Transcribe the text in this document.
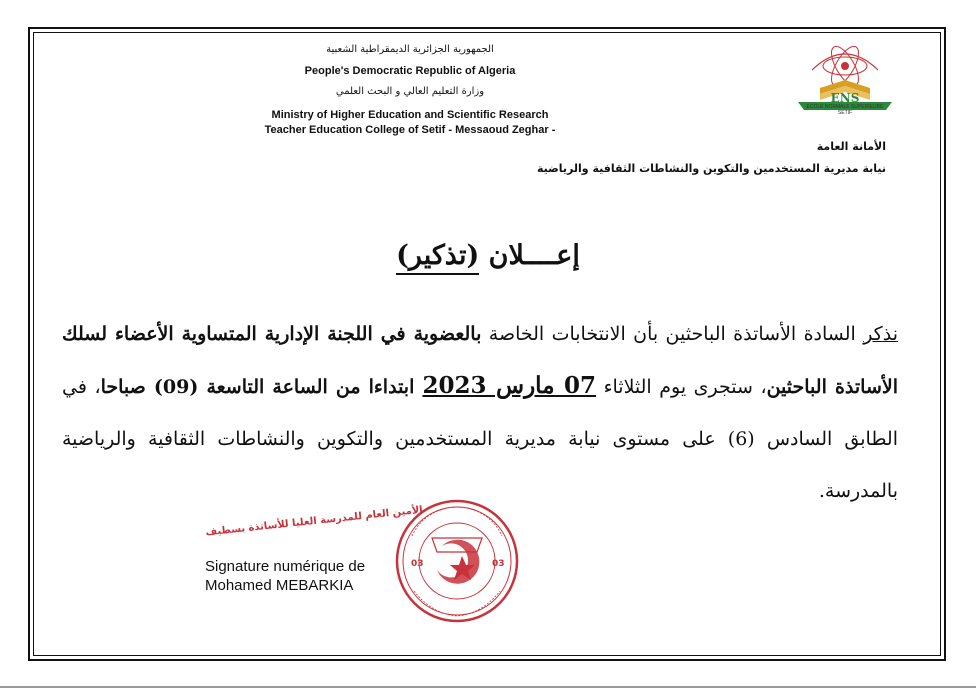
الجمهورية الجزائرية الديمقراطية الشعبية
People's Democratic Republic of Algeria
وزارة التعليم العالي و البحث العلمي
Ministry of Higher Education and Scientific Research
Teacher Education College of Setif - Messaoud Zeghar -
ENS
ECOLE NORMALE SUPERIEURE SETIF
الأمانة العامة
نيابة مديرية المستخدمين والتكوين والنشاطات الثقافية والرياضية
إعــــلان (تذكير)
نذكر السادة الأساتذة الباحثين بأن الانتخابات الخاصة بالعضوية في اللجنة الإدارية المتساوية الأعضاء لسلك الأساتذة الباحثين، ستجرى يوم الثلاثاء 07 مارس 2023 ابتداءا من الساعة التاسعة (09) صباحا، في الطابق السادس (6) على مستوى نيابة مديرية المستخدمين والتكوين والنشاطات الثقافية والرياضية بالمدرسة.
الأمين العام للمدرسة العليا للأساتذة بسطيف
Signature numérique de
Mohamed MEBARKIA
03	03
